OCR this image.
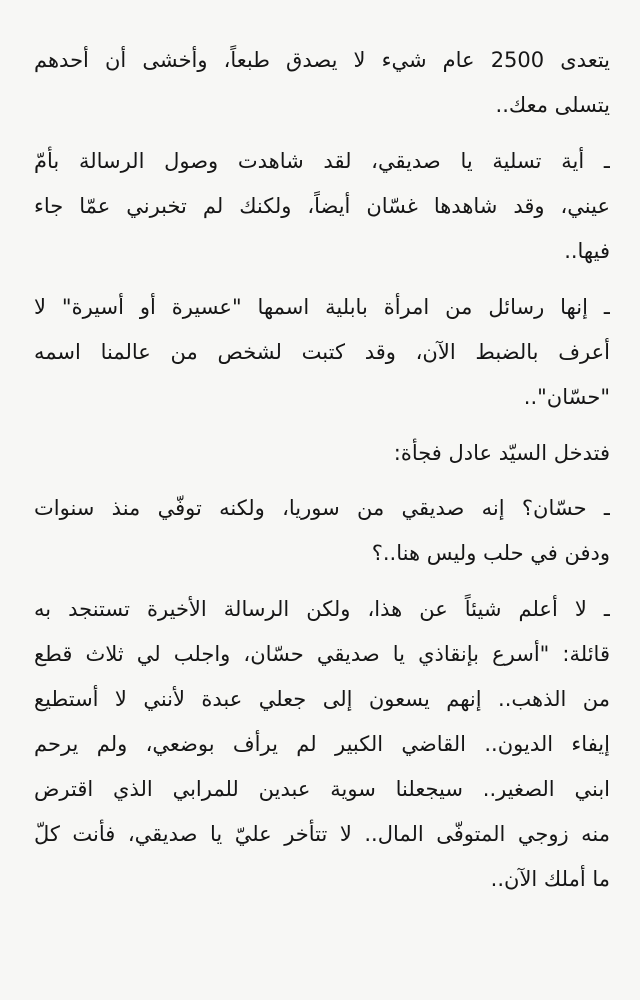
يتعدى 2500 عام شيء لا يصدق طبعاً، وأخشى أن أحدهم
يتسلى معك..
ـ أية تسلية يا صديقي، لقد شاهدت وصول الرسالة بأمّ
عيني، وقد شاهدها غسّان أيضاً، ولكنك لم تخبرني عمّا جاء
فيها..
ـ إنها رسائل من امرأة بابلية اسمها "عسيرة أو أسيرة" لا
أعرف بالضبط الآن، وقد كتبت لشخص من عالمنا اسمه
"حسّان"..
فتدخل السيّد عادل فجأة:
ـ حسّان؟ إنه صديقي من سوريا، ولكنه توفّي منذ سنوات
ودفن في حلب وليس هنا..؟
ـ لا أعلم شيئاً عن هذا، ولكن الرسالة الأخيرة تستنجد به
قائلة: "أسرع بإنقاذي يا صديقي حسّان، واجلب لي ثلاث قطع
من الذهب.. إنهم يسعون إلى جعلي عبدة لأنني لا أستطيع
إيفاء الديون.. القاضي الكبير لم يرأف بوضعي، ولم يرحم
ابني الصغير.. سيجعلنا سوية عبدين للمرابي الذي اقترض
منه زوجي المتوفّى المال.. لا تتأخر عليّ يا صديقي، فأنت كلّ
ما أملك الآن..
